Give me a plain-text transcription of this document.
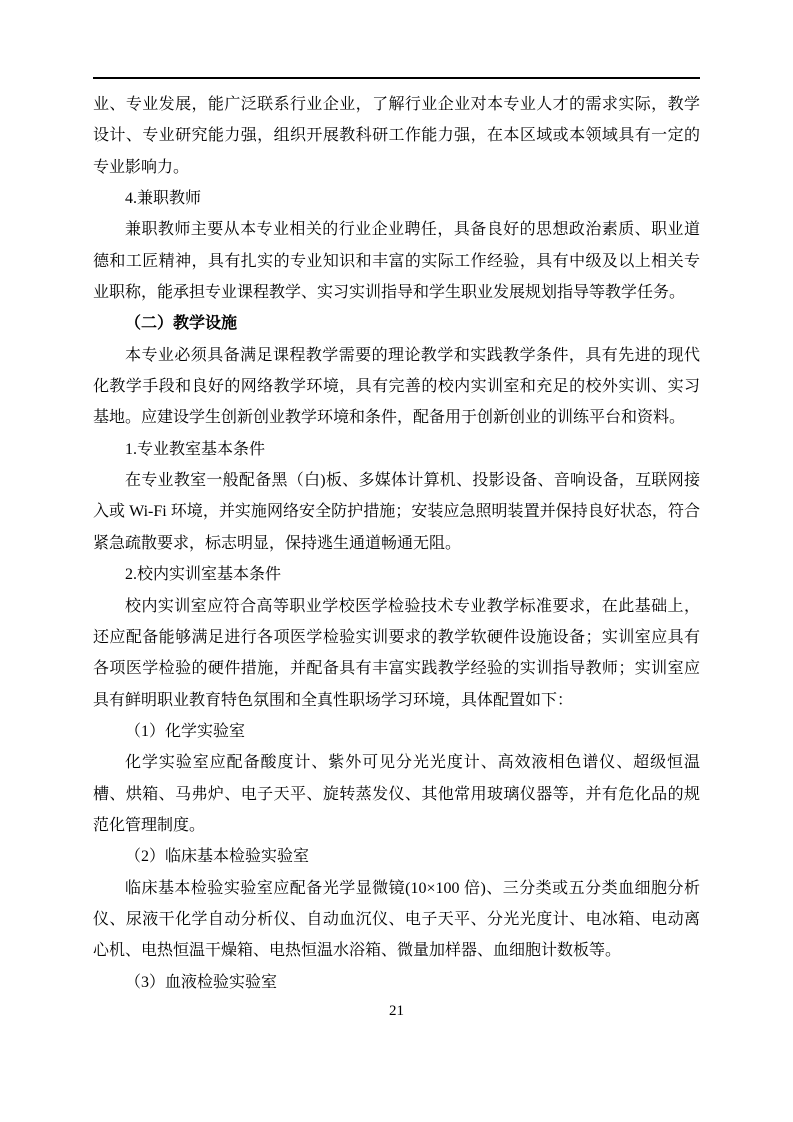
业、专业发展，能广泛联系行业企业，了解行业企业对本专业人才的需求实际，教学设计、专业研究能力强，组织开展教科研工作能力强，在本区域或本领域具有一定的专业影响力。
4.兼职教师
兼职教师主要从本专业相关的行业企业聘任，具备良好的思想政治素质、职业道德和工匠精神，具有扎实的专业知识和丰富的实际工作经验，具有中级及以上相关专业职称，能承担专业课程教学、实习实训指导和学生职业发展规划指导等教学任务。
（二）教学设施
本专业必须具备满足课程教学需要的理论教学和实践教学条件，具有先进的现代化教学手段和良好的网络教学环境，具有完善的校内实训室和充足的校外实训、实习基地。应建设学生创新创业教学环境和条件，配备用于创新创业的训练平台和资料。
1.专业教室基本条件
在专业教室一般配备黑（白)板、多媒体计算机、投影设备、音响设备，互联网接入或 Wi-Fi 环境，并实施网络安全防护措施；安装应急照明装置并保持良好状态，符合紧急疏散要求，标志明显，保持逃生通道畅通无阻。
2.校内实训室基本条件
校内实训室应符合高等职业学校医学检验技术专业教学标准要求，在此基础上，还应配备能够满足进行各项医学检验实训要求的教学软硬件设施设备；实训室应具有各项医学检验的硬件措施，并配备具有丰富实践教学经验的实训指导教师；实训室应具有鲜明职业教育特色氛围和全真性职场学习环境，具体配置如下：
（1）化学实验室
化学实验室应配备酸度计、紫外可见分光光度计、高效液相色谱仪、超级恒温槽、烘箱、马弗炉、电子天平、旋转蒸发仪、其他常用玻璃仪器等，并有危化品的规范化管理制度。
（2）临床基本检验实验室
临床基本检验实验室应配备光学显微镜(10×100 倍)、三分类或五分类血细胞分析仪、尿液干化学自动分析仪、自动血沉仪、电子天平、分光光度计、电冰箱、电动离心机、电热恒温干燥箱、电热恒温水浴箱、微量加样器、血细胞计数板等。
（3）血液检验实验室
21
